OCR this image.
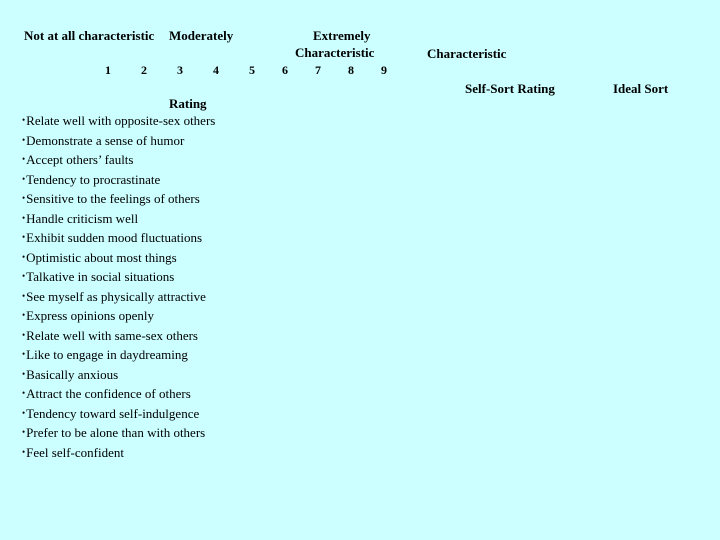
Not at all characteristic Moderately	Extremely
Characteristic	Characteristic
1	2	3	4	5 6 7 8 9
Self-Sort Rating	Ideal Sort
Rating
• Relate well with opposite-sex others
• Demonstrate a sense of humor
• Accept others’ faults
• Tendency to procrastinate
• Sensitive to the feelings of others
• Handle criticism well
• Exhibit sudden mood fluctuations
• Optimistic about most things
• Talkative in social situations
• See myself as physically attractive
• Express opinions openly
• Relate well with same-sex others
• Like to engage in daydreaming
• Basically anxious
• Attract the confidence of others
• Tendency toward self-indulgence
• Prefer to be alone than with others
• Feel self-confident
